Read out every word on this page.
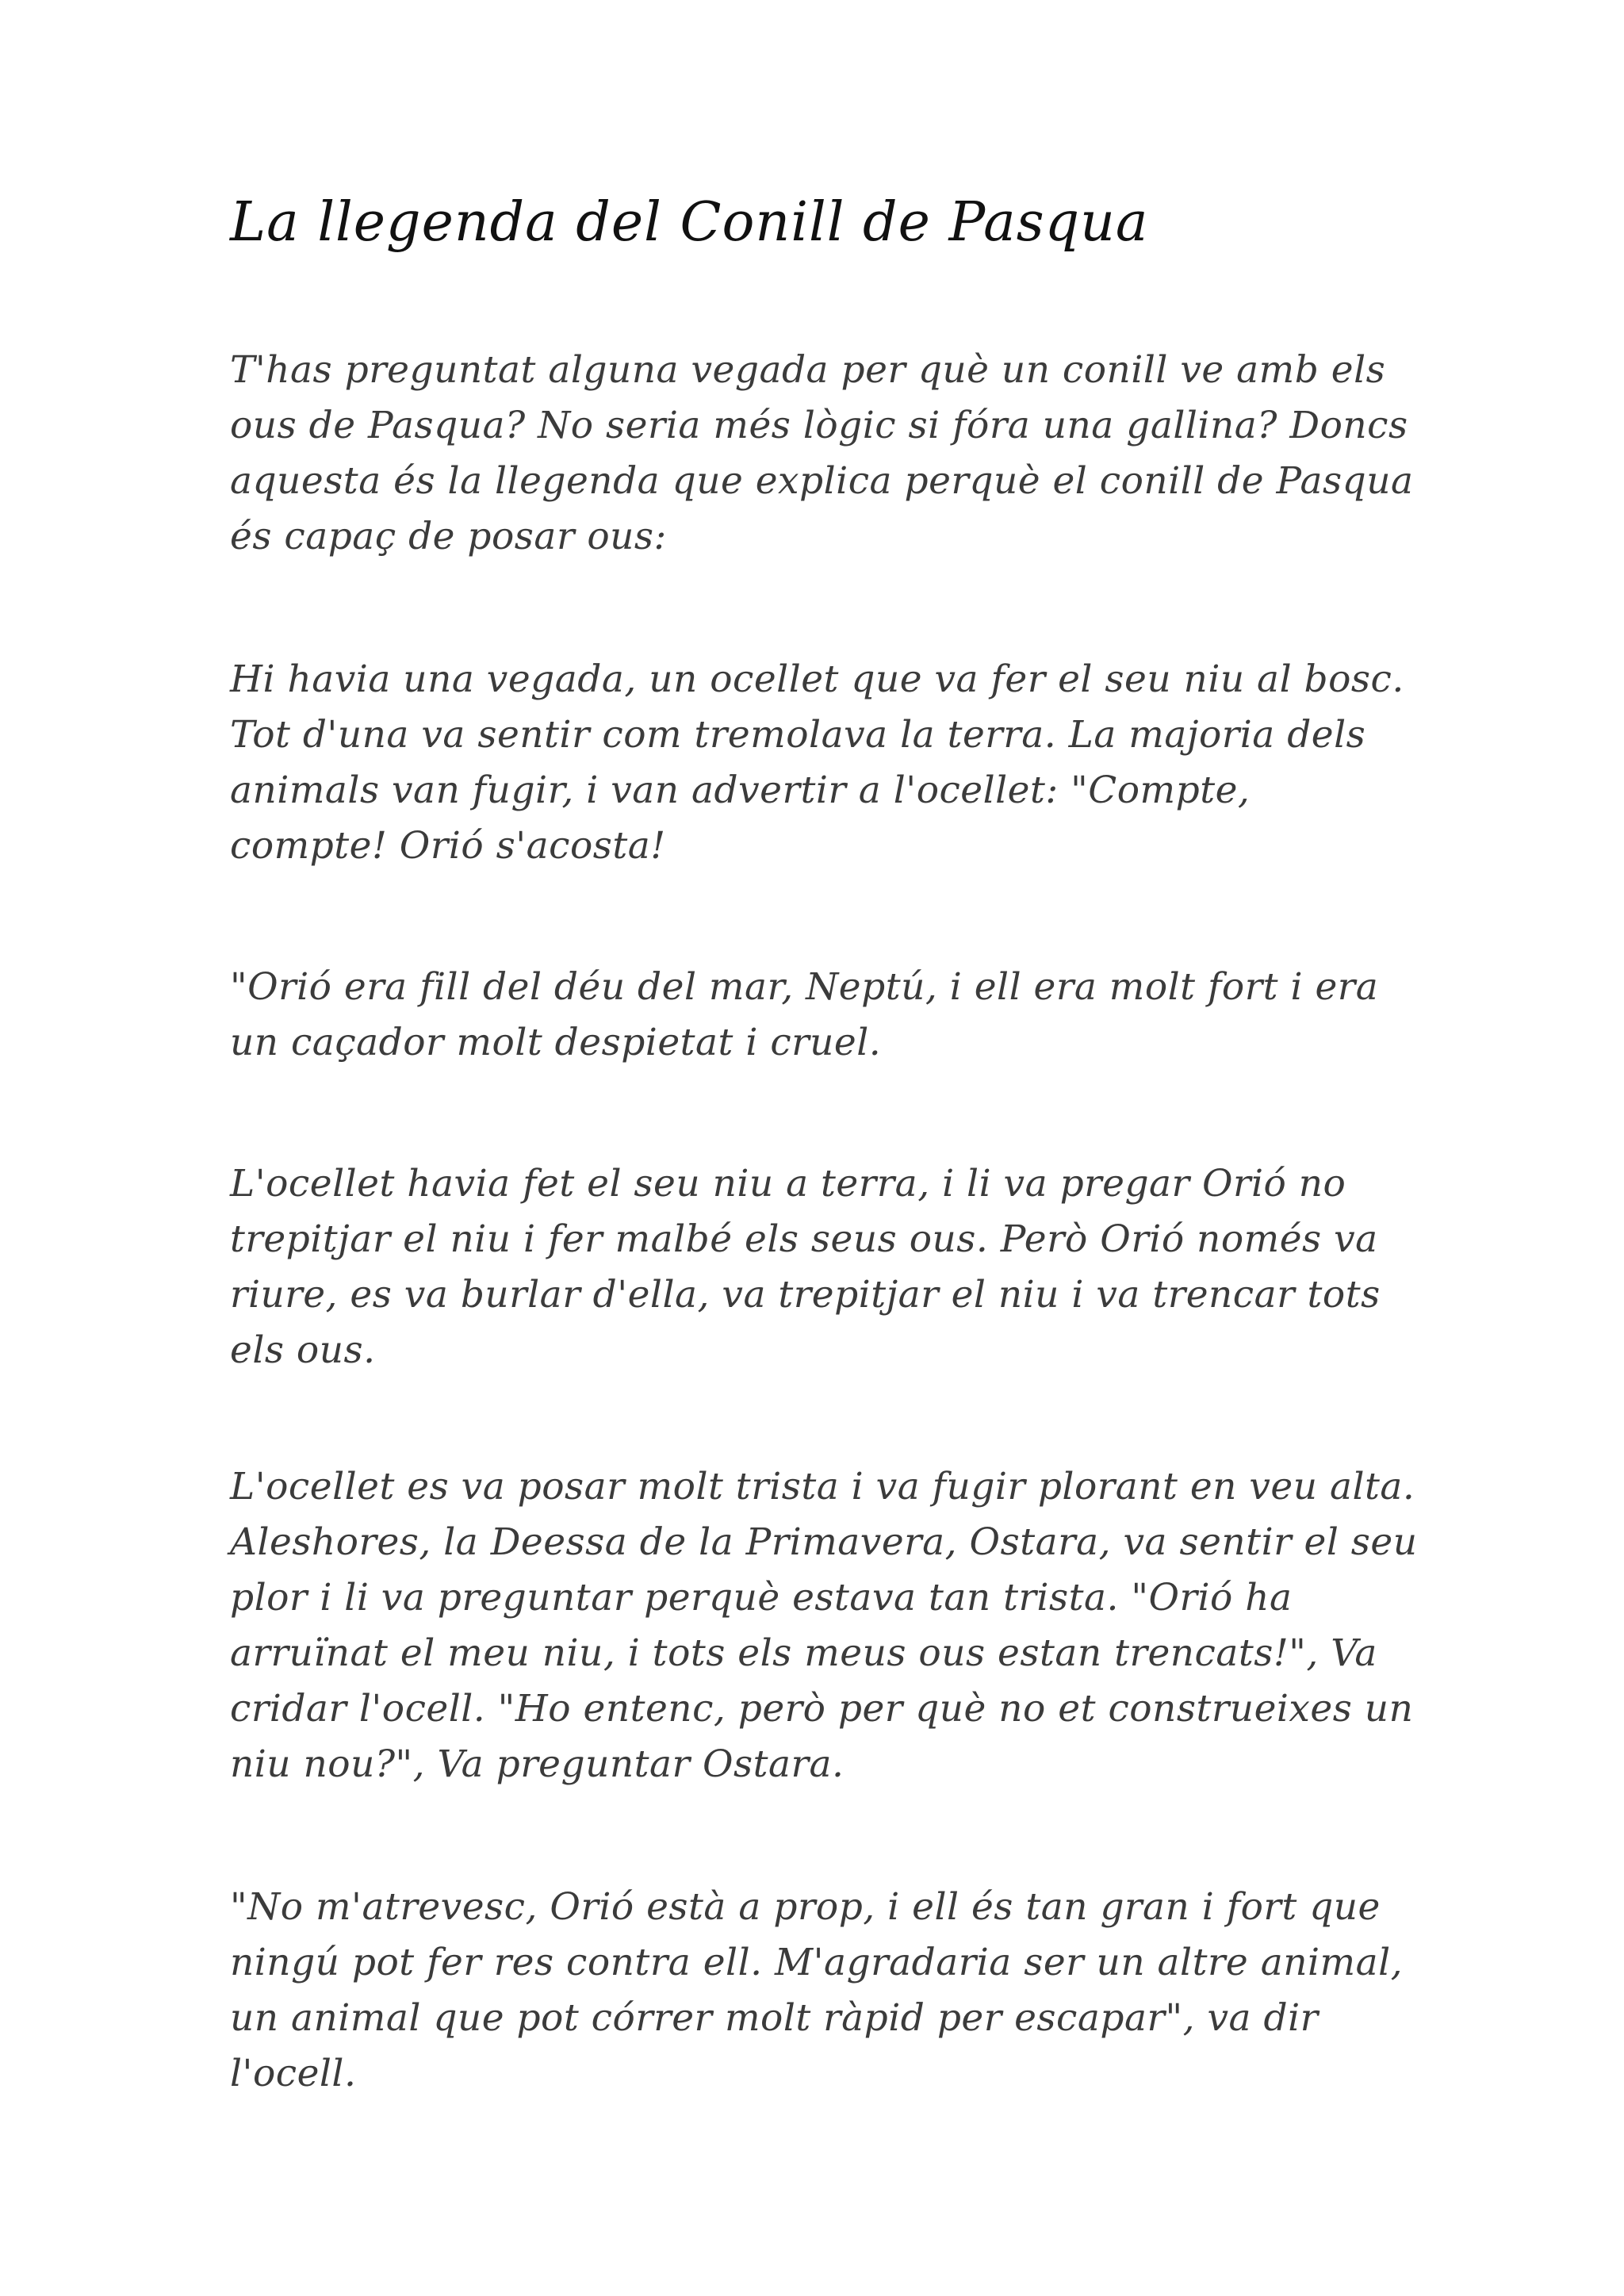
La llegenda del Conill de Pasqua

T'has preguntat alguna vegada per què un conill ve amb els ous de Pasqua? No seria més lògic si fóra una gallina? Doncs aquesta és la llegenda que explica perquè el conill de Pasqua és capaç de posar ous:

Hi havia una vegada, un ocellet que va fer el seu niu al bosc. Tot d'una va sentir com tremolava la terra. La majoria dels animals van fugir, i van advertir a l'ocellet: "Compte, compte! Orió s'acosta!

"Orió era fill del déu del mar, Neptú, i ell era molt fort i era un caçador molt despietat i cruel.

L'ocellet havia fet el seu niu a terra, i li va pregar Orió no trepitjar el niu i fer malbé els seus ous. Però Orió només va riure, es va burlar d'ella, va trepitjar el niu i va trencar tots els ous.

L'ocellet es va posar molt trista i va fugir plorant en veu alta. Aleshores, la Deessa de la Primavera, Ostara, va sentir el seu plor i li va preguntar perquè estava tan trista. "Orió ha arruïnat el meu niu, i tots els meus ous estan trencats!", Va cridar l'ocell. "Ho entenc, però per què no et construeixes un niu nou?", Va preguntar Ostara.

"No m'atrevesc, Orió està a prop, i ell és tan gran i fort que ningú pot fer res contra ell. M'agradaria ser un altre animal, un animal que pot córrer molt ràpid per escapar", va dir l'ocell.
